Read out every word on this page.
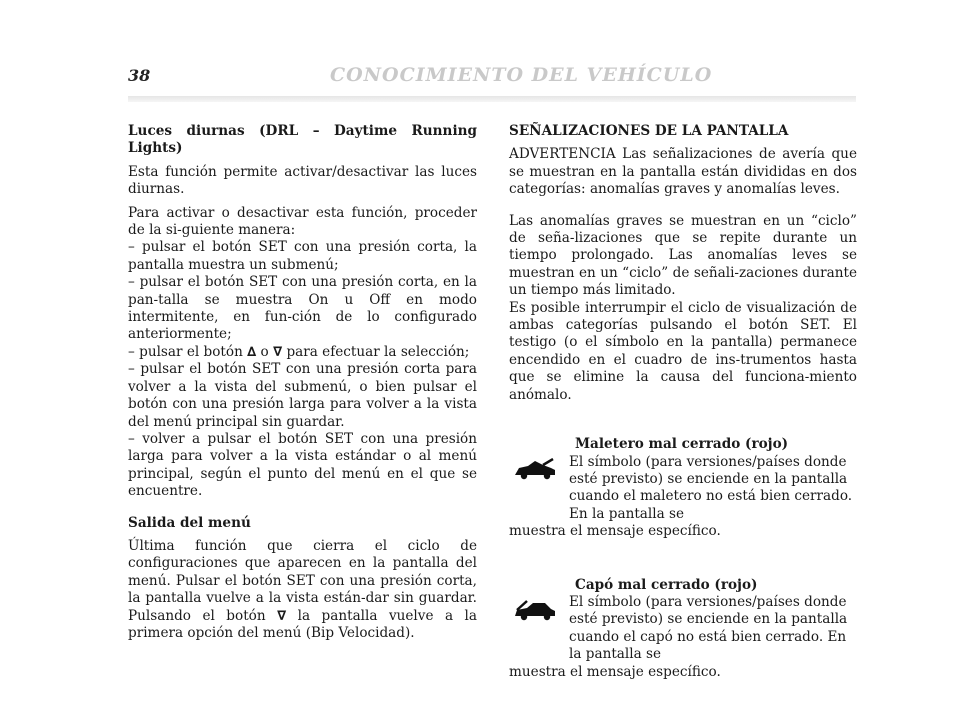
38	CONOCIMIENTO DEL VEHÍCULO

Luces diurnas (DRL – Daytime Running Lights)

Esta función permite activar/desactivar las luces diurnas.

Para activar o desactivar esta función, proceder de la si-guiente manera:

– pulsar el botón SET con una presión corta, la pantalla muestra un submenú;

– pulsar el botón SET con una presión corta, en la pan-talla se muestra On u Off en modo intermitente, en fun-ción de lo configurado anteriormente;

– pulsar el botón ∆ o ∇ para efectuar la selección;

– pulsar el botón SET con una presión corta para volver a la vista del submenú, o bien pulsar el botón con una presión larga para volver a la vista del menú principal sin guardar.

– volver a pulsar el botón SET con una presión larga para volver a la vista estándar o al menú principal, según el punto del menú en el que se encuentre.

Salida del menú

Última función que cierra el ciclo de configuraciones que aparecen en la pantalla del menú. Pulsar el botón SET con una presión corta, la pantalla vuelve a la vista están-dar sin guardar. Pulsando el botón ∇ la pantalla vuelve a la primera opción del menú (Bip Velocidad).

SEÑALIZACIONES DE LA PANTALLA

ADVERTENCIA Las señalizaciones de avería que se muestran en la pantalla están divididas en dos categorías: anomalías graves y anomalías leves.

Las anomalías graves se muestran en un “ciclo” de seña-lizaciones que se repite durante un tiempo prolongado. Las anomalías leves se muestran en un “ciclo” de señali-zaciones durante un tiempo más limitado.

Es posible interrumpir el ciclo de visualización de ambas categorías pulsando el botón SET. El testigo (o el símbolo en la pantalla) permanece encendido en el cuadro de ins-trumentos hasta que se elimine la causa del funciona-miento anómalo.

Maletero mal cerrado (rojo)

El símbolo (para versiones/países donde esté previsto) se enciende en la pantalla cuando el maletero no está bien cerrado. En la pantalla se

muestra el mensaje específico.

Capó mal cerrado (rojo)

El símbolo (para versiones/países donde esté previsto) se enciende en la pantalla cuando el capó no está bien cerrado. En la pantalla se

muestra el mensaje específico.
